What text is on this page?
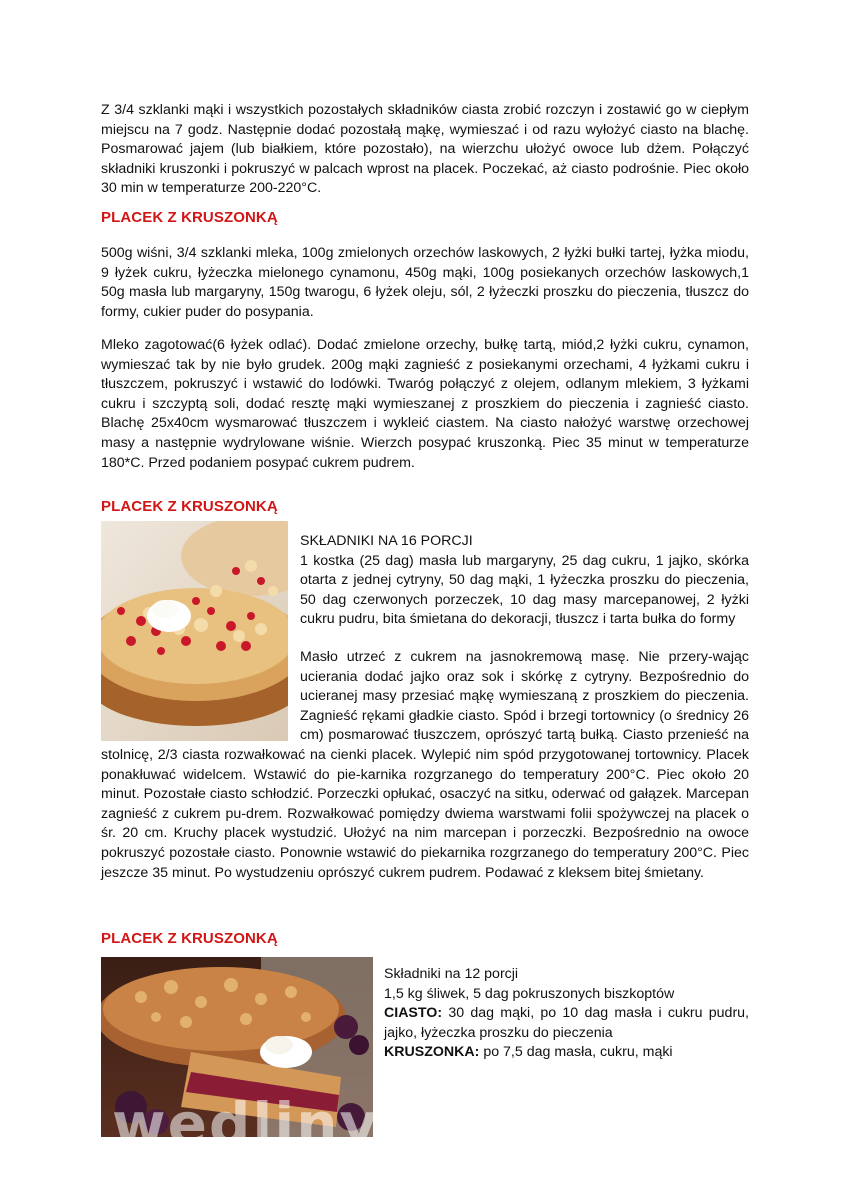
Z 3/4 szklanki mąki i wszystkich pozostałych składników ciasta zrobić rozczyn i zostawić go w ciepłym miejscu na 7 godz. Następnie dodać pozostałą mąkę, wymieszać i od razu wyłożyć ciasto na blachę. Posmarować jajem (lub białkiem, które pozostało), na wierzchu ułożyć owoce lub dżem. Połączyć składniki kruszonki i pokruszyć w palcach wprost na placek. Poczekać, aż ciasto podrośnie. Piec około 30 min w temperaturze 200-220°C.

PLACEK Z KRUSZONKĄ

500g wiśni, 3/4 szklanki mleka, 100g zmielonych orzechów laskowych, 2 łyżki bułki tartej, łyżka miodu, 9 łyżek cukru, łyżeczka mielonego cynamonu, 450g mąki, 100g posiekanych orzechów laskowych,1 50g masła lub margaryny, 150g twarogu, 6 łyżek oleju, sól, 2 łyżeczki proszku do pieczenia, tłuszcz do formy, cukier puder do posypania.

Mleko zagotować(6 łyżek odlać). Dodać zmielone orzechy, bułkę tartą, miód,2 łyżki cukru, cynamon, wymieszać tak by nie było grudek. 200g mąki zagnieść z posiekanymi orzechami, 4 łyżkami cukru i tłuszczem, pokruszyć i wstawić do lodówki. Twaróg połączyć z olejem, odlanym mlekiem, 3 łyżkami cukru i szczyptą soli, dodać resztę mąki wymieszanej z proszkiem do pieczenia i zagnieść ciasto. Blachę 25x40cm wysmarować tłuszczem i wykleić ciastem. Na ciasto nałożyć warstwę orzechowej masy a następnie wydrylowane wiśnie. Wierzch posypać kruszonką. Piec 35 minut w temperaturze 180*C. Przed podaniem posypać cukrem pudrem.

PLACEK Z KRUSZONKĄ

SKŁADNIKI NA 16 PORCJI

1 kostka (25 dag) masła lub margaryny, 25 dag cukru, 1 jajko, skórka otarta z jednej cytryny, 50 dag mąki, 1 łyżeczka proszku do pieczenia, 50 dag czerwonych porzeczek, 10 dag masy marcepanowej, 2 łyżki cukru pudru, bita śmietana do dekoracji, tłuszcz i tarta bułka do formy

Masło utrzeć z cukrem na jasnokremową masę. Nie przery-wając ucierania dodać jajko oraz sok i skórkę z cytryny. Bezpośrednio do ucieranej masy przesiać mąkę wymieszaną z proszkiem do pieczenia. Zagnieść rękami gładkie ciasto. Spód i brzegi tortownicy (o średnicy 26 cm) posmarować tłuszczem, oprószyć tartą bułką. Ciasto przenieść na stolnicę, 2/3 ciasta rozwałkować na cienki placek. Wylepić nim spód przygotowanej tortownicy. Placek ponakłuwać widelcem. Wstawić do pie-karnika rozgrzanego do temperatury 200°C. Piec około 20 minut. Pozostałe ciasto schłodzić. Porzeczki opłukać, osaczyć na sitku, oderwać od gałązek. Marcepan zagnieść z cukrem pu-drem. Rozwałkować pomiędzy dwiema warstwami folii spożywczej na placek o śr. 20 cm. Kruchy placek wystudzić. Ułożyć na nim marcepan i porzeczki. Bezpośrednio na owoce pokruszyć pozostałe ciasto. Ponownie wstawić do piekarnika rozgrzanego do temperatury 200°C. Piec jeszcze 35 minut. Po wystudzeniu oprószyć cukrem pudrem. Podawać z kleksem bitej śmietany.

PLACEK Z KRUSZONKĄ

Składniki na 12 porcji

1,5 kg śliwek, 5 dag pokruszonych biszkoptów

CIASTO: 30 dag mąki, po 10 dag masła i cukru pudru, jajko, łyżeczka proszku do pieczenia

KRUSZONKA: po 7,5 dag masła, cukru, mąki

wedlinydomowe.pl
